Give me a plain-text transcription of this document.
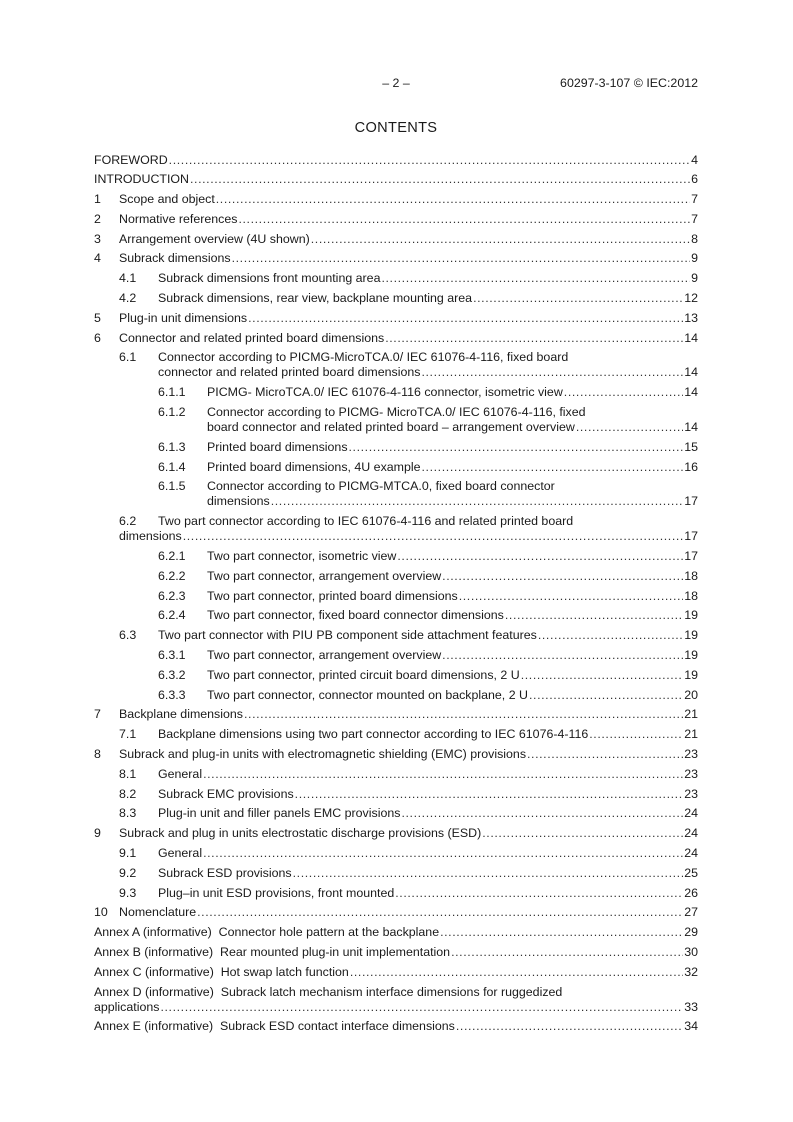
– 2 –	60297-3-107 © IEC:2012
CONTENTS
FOREWORD .....	4
INTRODUCTION .....	6
1 Scope and object .....	7
2 Normative references .....	7
3 Arrangement overview (4U shown) .....	8
4 Subrack dimensions .....	9
4.1 Subrack dimensions front mounting area .....	9
4.2 Subrack dimensions, rear view, backplane mounting area .....	12
5 Plug-in unit dimensions .....	13
6 Connector and related printed board dimensions .....	14
6.1	Connector according to PICMG-MicroTCA.0/ IEC 61076-4-116, fixed board
connector and related printed board dimensions .....	14
6.1.1 PICMG- MicroTCA.0/ IEC 61076-4-116 connector, isometric view .....	14
6.1.2	Connector according to PICMG- MicroTCA.0/ IEC 61076-4-116, fixed
board connector and related printed board – arrangement overview .....	14
6.1.3 Printed board dimensions .....	15
6.1.4 Printed board dimensions, 4U example .....	16
6.1.5	Connector according to PICMG-MTCA.0, fixed board connector
dimensions .....	17
6.2	Two part connector according to IEC 61076-4-116 and related printed board
dimensions .....	17
6.2.1 Two part connector, isometric view .....	17
6.2.2 Two part connector, arrangement overview .....	18
6.2.3 Two part connector, printed board dimensions .....	18
6.2.4 Two part connector, fixed board connector dimensions .....	19
6.3 Two part connector with PIU PB component side attachment features .....	19
6.3.1 Two part connector, arrangement overview .....	19
6.3.2 Two part connector, printed circuit board dimensions, 2 U .....	19
6.3.3 Two part connector, connector mounted on backplane, 2 U .....	20
7 Backplane dimensions .....	21
7.1 Backplane dimensions using two part connector according to IEC 61076-4-116 .....	21
8 Subrack and plug-in units with electromagnetic shielding (EMC) provisions .....	23
8.1 General .....	23
8.2 Subrack EMC provisions .....	23
8.3 Plug-in unit and filler panels EMC provisions .....	24
9 Subrack and plug in units electrostatic discharge provisions (ESD) .....	24
9.1 General .....	24
9.2 Subrack ESD provisions .....	25
9.3 Plug–in unit ESD provisions, front mounted .....	26
10 Nomenclature .....	27
Annex A (informative)  Connector hole pattern at the backplane .....	29
Annex B (informative)  Rear mounted plug-in unit implementation .....	30
Annex C (informative)  Hot swap latch function .....	32
Annex D (informative)  Subrack latch mechanism interface dimensions for ruggedized
applications .....	33
Annex E (informative)  Subrack ESD contact interface dimensions .....	34
